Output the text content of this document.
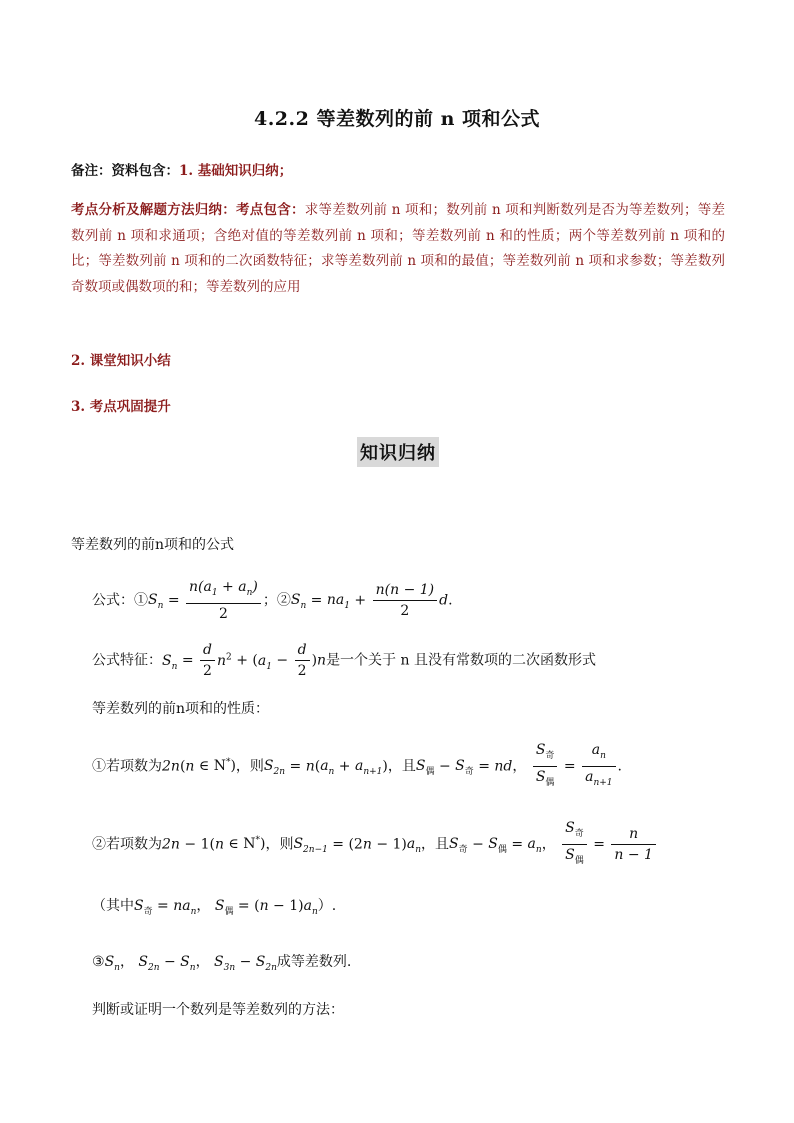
4.2.2 等差数列的前 n 项和公式
备注：资料包含：1. 基础知识归纳；
考点分析及解题方法归纳：考点包含：求等差数列前 n 项和；数列前 n 项和判断数列是否为等差数列；等差数列前 n 项和求通项；含绝对值的等差数列前 n 项和；等差数列前 n 和的性质；两个等差数列前 n 项和的比；等差数列前 n 项和的二次函数特征；求等差数列前 n 项和的最值；等差数列前 n 项和求参数；等差数列奇数项或偶数项的和；等差数列的应用
2. 课堂知识小结
3. 考点巩固提升
知识归纳
等差数列的前n项和的公式
公式：$①S_n = \frac{n(a_1 + a_n)}{2}$ ；$②S_n = na_1 + \frac{n(n - 1)}{2} d$.
公式特征：$S_n = \frac{d}{2} n^2 + (a_1 - \frac{d}{2} )n$是一个关于 n 且没有常数项的二次函数形式
等差数列的前n项和的性质：
①若项数为2n(n ∈ N*)，则$S_{2n} = n(a_n + a_{n+1})$，且$S_偶 - S_奇$ = nd， $\frac{S_奇}{S_偶} = \frac{a_n}{a_{n+1}}$ .
②若项数为2n − 1(n ∈ N*)，则$S_{2n-1} = (2n - 1)a_n$，且$S_奇 - S_偶 = a_n$， $\frac{S_奇}{S_偶} = \frac{n}{n - 1}$
（其中$S_奇 = na_n$， $S_偶 = (n - 1)a_n$）.
$③S_n$， $S_{2n} - S_n$， $S_{3n} - S_{2n}$成等差数列.
判断或证明一个数列是等差数列的方法：
